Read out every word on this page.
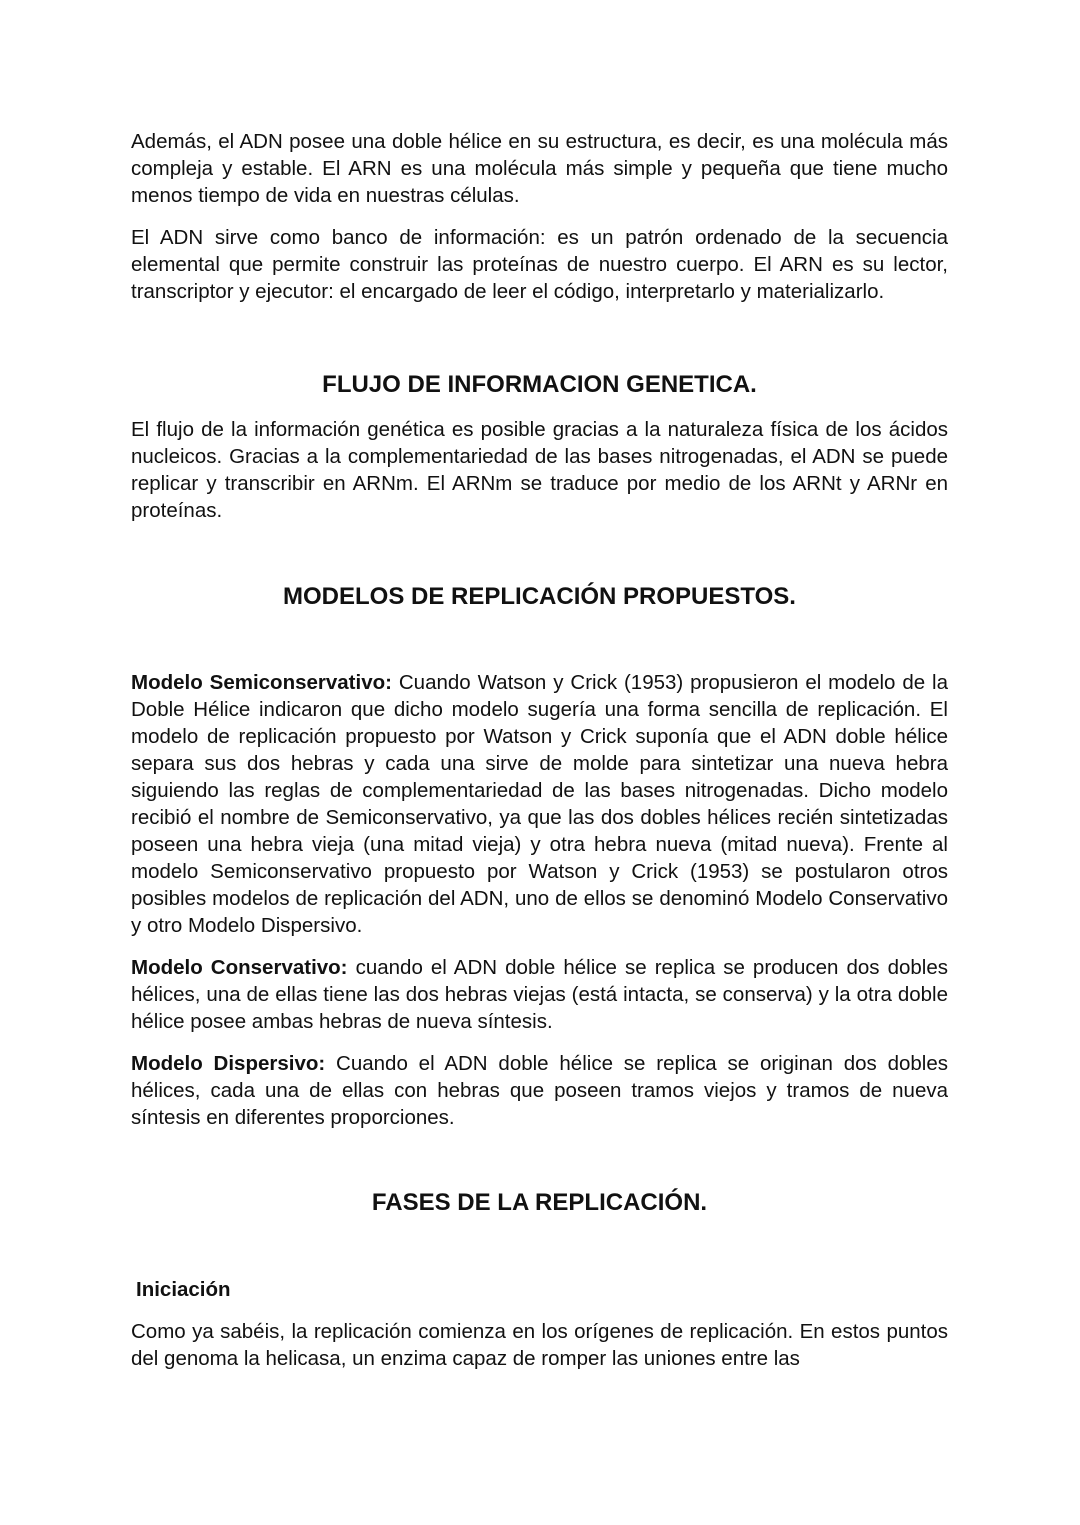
Además, el ADN posee una doble hélice en su estructura, es decir, es una molécula más compleja y estable. El ARN es una molécula más simple y pequeña que tiene mucho menos tiempo de vida en nuestras células.

El ADN sirve como banco de información: es un patrón ordenado de la secuencia elemental que permite construir las proteínas de nuestro cuerpo. El ARN es su lector, transcriptor y ejecutor: el encargado de leer el código, interpretarlo y materializarlo.

FLUJO DE INFORMACION GENETICA.

El flujo de la información genética es posible gracias a la naturaleza física de los ácidos nucleicos. Gracias a la complementariedad de las bases nitrogenadas, el ADN se puede replicar y transcribir en ARNm. El ARNm se traduce por medio de los ARNt y ARNr en proteínas.

MODELOS DE REPLICACIÓN PROPUESTOS.

Modelo Semiconservativo: Cuando Watson y Crick (1953) propusieron el modelo de la Doble Hélice indicaron que dicho modelo sugería una forma sencilla de replicación. El modelo de replicación propuesto por Watson y Crick suponía que el ADN doble hélice separa sus dos hebras y cada una sirve de molde para sintetizar una nueva hebra siguiendo las reglas de complementariedad de las bases nitrogenadas. Dicho modelo recibió el nombre de Semiconservativo, ya que las dos dobles hélices recién sintetizadas poseen una hebra vieja (una mitad vieja) y otra hebra nueva (mitad nueva). Frente al modelo Semiconservativo propuesto por Watson y Crick (1953) se postularon otros posibles modelos de replicación del ADN, uno de ellos se denominó Modelo Conservativo y otro Modelo Dispersivo.

Modelo Conservativo: cuando el ADN doble hélice se replica se producen dos dobles hélices, una de ellas tiene las dos hebras viejas (está intacta, se conserva) y la otra doble hélice posee ambas hebras de nueva síntesis.

Modelo Dispersivo: Cuando el ADN doble hélice se replica se originan dos dobles hélices, cada una de ellas con hebras que poseen tramos viejos y tramos de nueva síntesis en diferentes proporciones.

FASES DE LA REPLICACIÓN.
Iniciación

Como ya sabéis, la replicación comienza en los orígenes de replicación. En estos puntos del genoma la helicasa, un enzima capaz de romper las uniones entre las
